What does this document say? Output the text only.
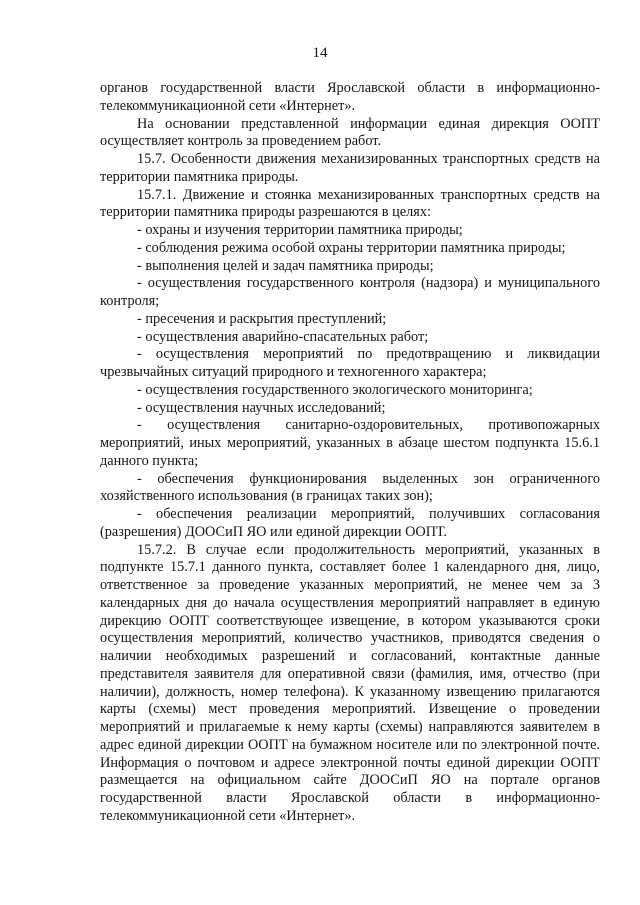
14

органов государственной власти Ярославской области в информационно-телекоммуникационной сети «Интернет».

На основании представленной информации единая дирекция ООПТ осуществляет контроль за проведением работ.

15.7. Особенности движения механизированных транспортных средств на территории памятника природы.

15.7.1. Движение и стоянка механизированных транспортных средств на территории памятника природы разрешаются в целях:

- охраны и изучения территории памятника природы;

- соблюдения режима особой охраны территории памятника природы;

- выполнения целей и задач памятника природы;

- осуществления государственного контроля (надзора) и муниципального контроля;

- пресечения и раскрытия преступлений;

- осуществления аварийно-спасательных работ;

- осуществления мероприятий по предотвращению и ликвидации чрезвычайных ситуаций природного и техногенного характера;

- осуществления государственного экологического мониторинга;

- осуществления научных исследований;

- осуществления санитарно-оздоровительных, противопожарных мероприятий, иных мероприятий, указанных в абзаце шестом подпункта 15.6.1 данного пункта;

- обеспечения функционирования выделенных зон ограниченного хозяйственного использования (в границах таких зон);

- обеспечения реализации мероприятий, получивших согласования (разрешения) ДООСиП ЯО или единой дирекции ООПТ.

15.7.2. В случае если продолжительность мероприятий, указанных в подпункте 15.7.1 данного пункта, составляет более 1 календарного дня, лицо, ответственное за проведение указанных мероприятий, не менее чем за 3 календарных дня до начала осуществления мероприятий направляет в единую дирекцию ООПТ соответствующее извещение, в котором указываются сроки осуществления мероприятий, количество участников, приводятся сведения о наличии необходимых разрешений и согласований, контактные данные представителя заявителя для оперативной связи (фамилия, имя, отчество (при наличии), должность, номер телефона). К указанному извещению прилагаются карты (схемы) мест проведения мероприятий. Извещение о проведении мероприятий и прилагаемые к нему карты (схемы) направляются заявителем в адрес единой дирекции ООПТ на бумажном носителе или по электронной почте. Информация о почтовом и адресе электронной почты единой дирекции ООПТ размещается на официальном сайте ДООСиП ЯО на портале органов государственной власти Ярославской области в информационно-телекоммуникационной сети «Интернет».
